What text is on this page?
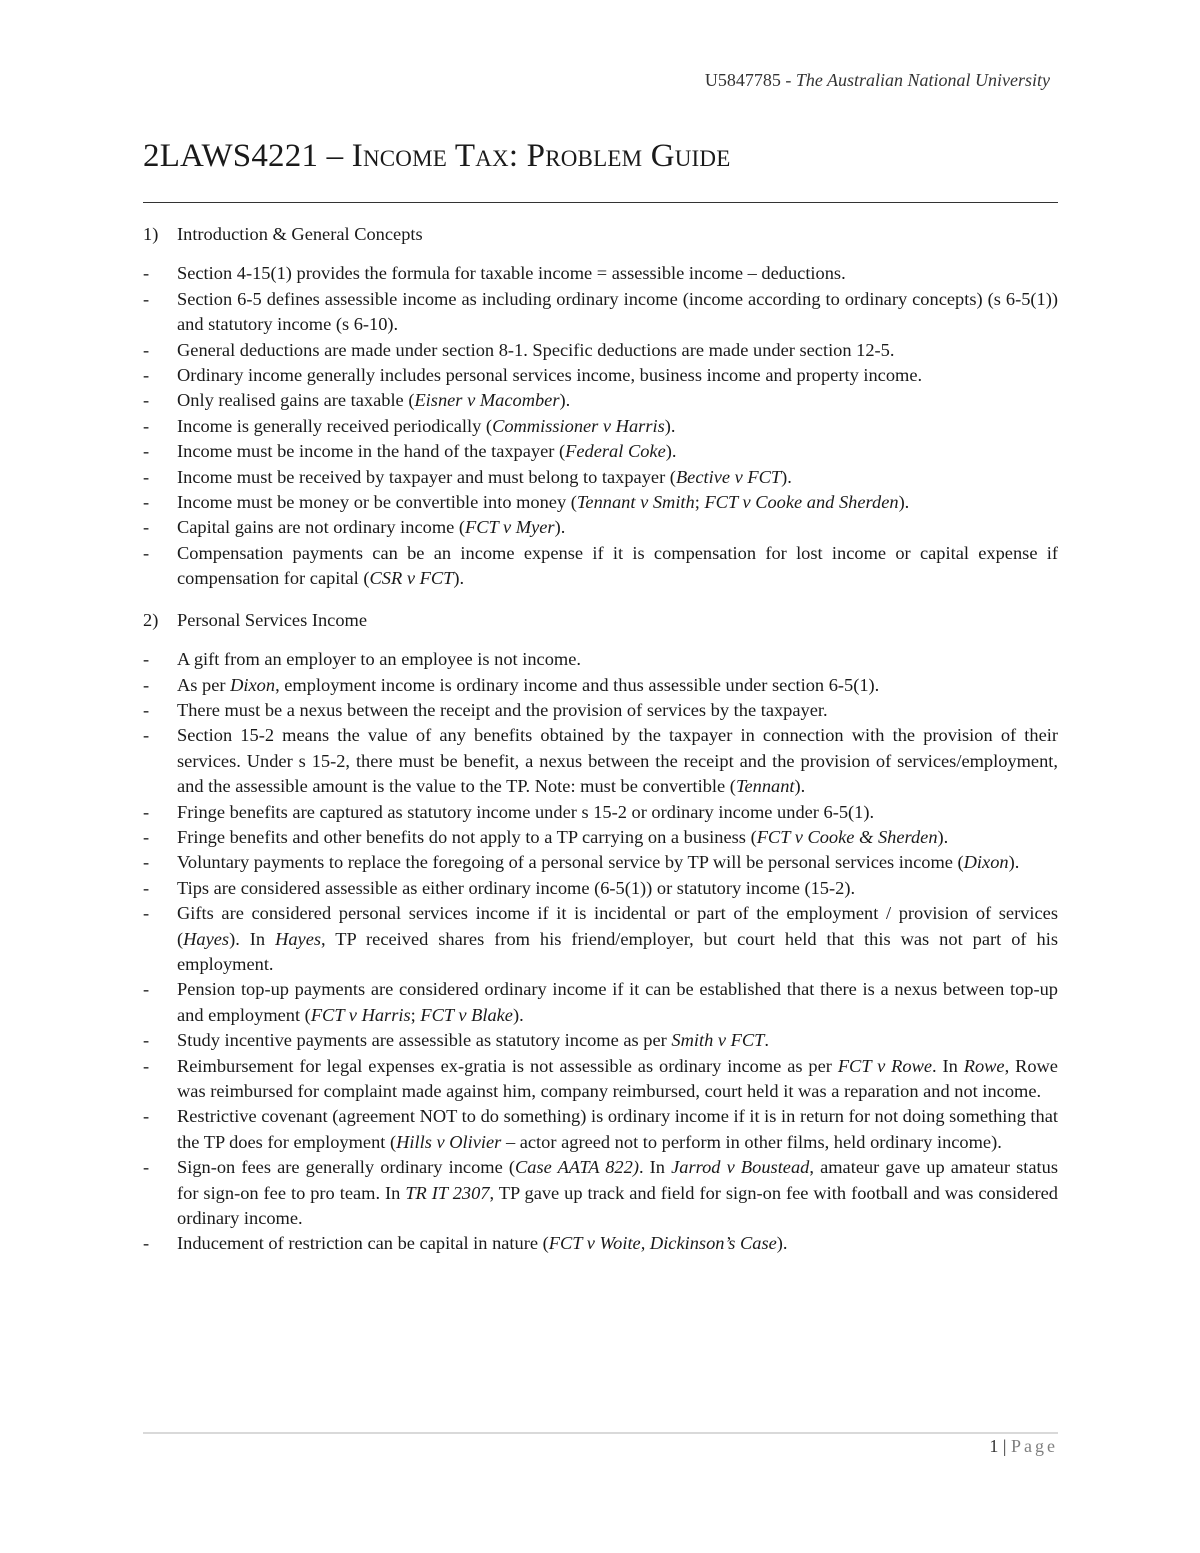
U5847785 - The Australian National University
2LAWS4221 – Income Tax: Problem Guide
1)	Introduction & General Concepts
- Section 4-15(1) provides the formula for taxable income = assessible income – deductions.
- Section 6-5 defines assessible income as including ordinary income (income according to ordinary concepts) (s 6-5(1)) and statutory income (s 6-10).
- General deductions are made under section 8-1. Specific deductions are made under section 12-5.
- Ordinary income generally includes personal services income, business income and property income.
- Only realised gains are taxable (Eisner v Macomber).
- Income is generally received periodically (Commissioner v Harris).
- Income must be income in the hand of the taxpayer (Federal Coke).
- Income must be received by taxpayer and must belong to taxpayer (Bective v FCT).
- Income must be money or be convertible into money (Tennant v Smith; FCT v Cooke and Sherden).
- Capital gains are not ordinary income (FCT v Myer).
- Compensation payments can be an income expense if it is compensation for lost income or capital expense if compensation for capital (CSR v FCT).
2)	Personal Services Income
- A gift from an employer to an employee is not income.
- As per Dixon, employment income is ordinary income and thus assessible under section 6-5(1).
- There must be a nexus between the receipt and the provision of services by the taxpayer.
- Section 15-2 means the value of any benefits obtained by the taxpayer in connection with the provision of their services. Under s 15-2, there must be benefit, a nexus between the receipt and the provision of services/employment, and the assessible amount is the value to the TP. Note: must be convertible (Tennant).
- Fringe benefits are captured as statutory income under s 15-2 or ordinary income under 6-5(1).
- Fringe benefits and other benefits do not apply to a TP carrying on a business (FCT v Cooke & Sherden).
- Voluntary payments to replace the foregoing of a personal service by TP will be personal services income (Dixon).
- Tips are considered assessible as either ordinary income (6-5(1)) or statutory income (15-2).
- Gifts are considered personal services income if it is incidental or part of the employment / provision of services (Hayes). In Hayes, TP received shares from his friend/employer, but court held that this was not part of his employment.
- Pension top-up payments are considered ordinary income if it can be established that there is a nexus between top-up and employment (FCT v Harris; FCT v Blake).
- Study incentive payments are assessible as statutory income as per Smith v FCT.
- Reimbursement for legal expenses ex-gratia is not assessible as ordinary income as per FCT v Rowe. In Rowe, Rowe was reimbursed for complaint made against him, company reimbursed, court held it was a reparation and not income.
- Restrictive covenant (agreement NOT to do something) is ordinary income if it is in return for not doing something that the TP does for employment (Hills v Olivier – actor agreed not to perform in other films, held ordinary income).
- Sign-on fees are generally ordinary income (Case AATA 822). In Jarrod v Boustead, amateur gave up amateur status for sign-on fee to pro team. In TR IT 2307, TP gave up track and field for sign-on fee with football and was considered ordinary income.
- Inducement of restriction can be capital in nature (FCT v Woite, Dickinson’s Case).
1 | Page
